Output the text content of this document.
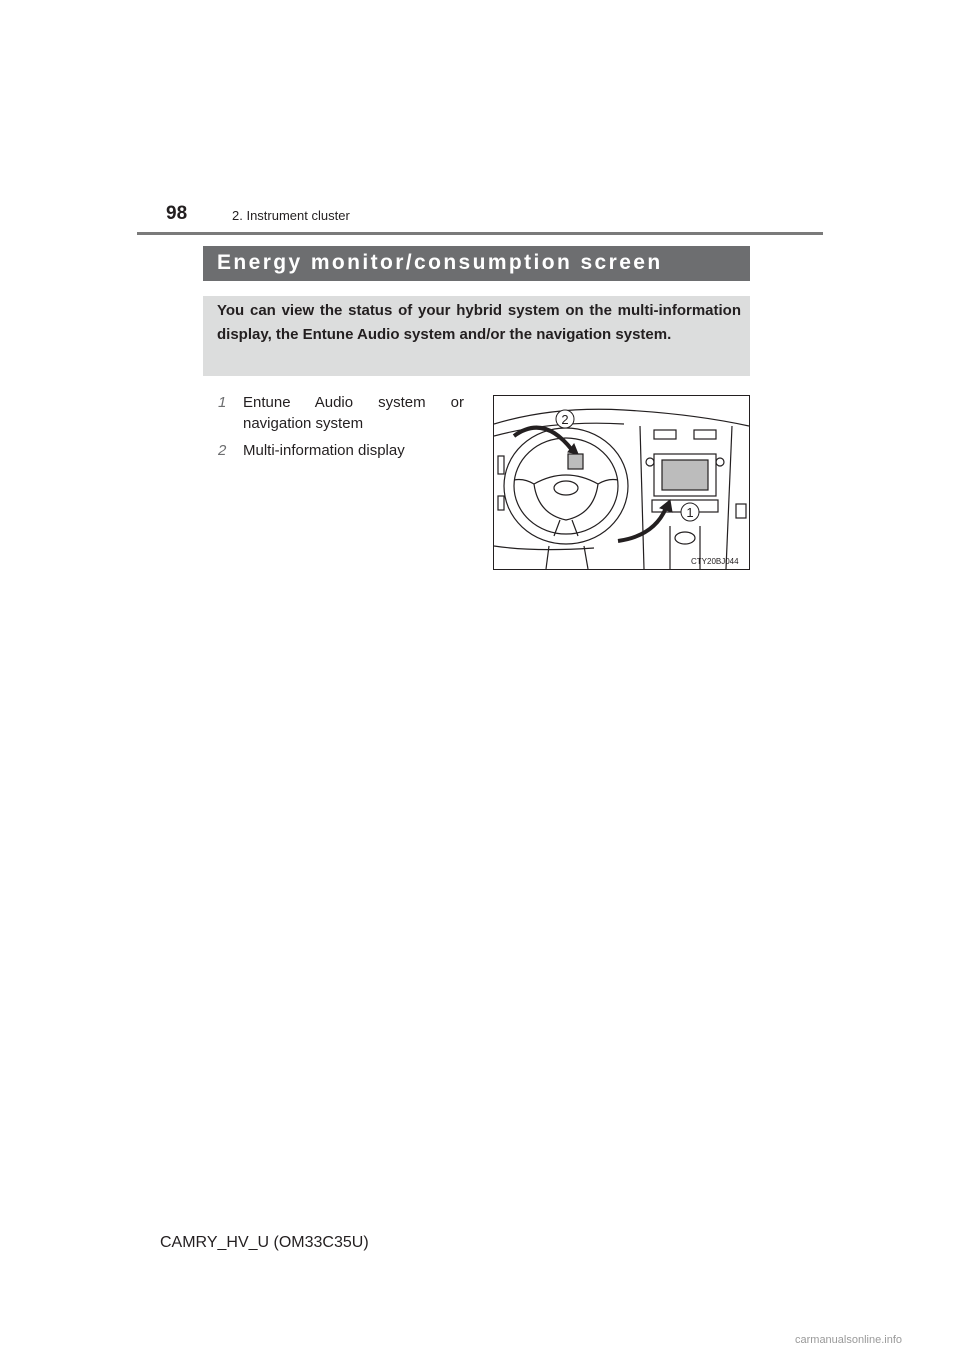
98	2. Instrument cluster
Energy monitor/consumption screen
You can view the status of your hybrid system on the multi-information display, the Entune Audio system and/or the navigation system.
1 Entune Audio system or navigation system
2 Multi-information display
2
1
CTY20BJ044
CAMRY_HV_U (OM33C35U)
carmanualsonline.info
